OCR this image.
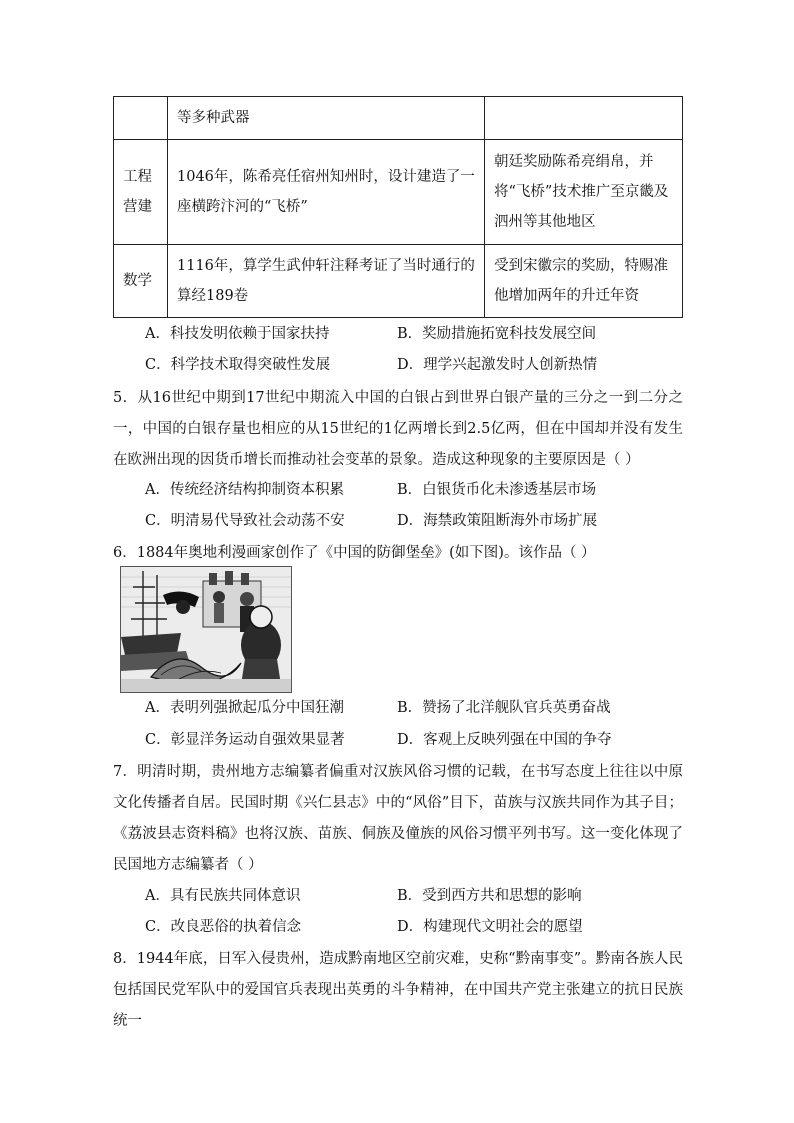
	等多种武器	
工程营建	1046年，陈希亮任宿州知州时，设计建造了一座横跨汴河的“飞桥”	朝廷奖励陈希亮绢帛，并将“飞桥”技术推广至京畿及泗州等其他地区
数学	1116年，算学生武仲轩注释考证了当时通行的算经189卷	受到宋徽宗的奖励，特赐准他增加两年的升迁年资
A．科技发明依赖于国家扶持	B．奖励措施拓宽科技发展空间
C．科学技术取得突破性发展	D．理学兴起激发时人创新热情
5．从16世纪中期到17世纪中期流入中国的白银占到世界白银产量的三分之一到二分之一，中国的白银存量也相应的从15世纪的1亿两增长到2.5亿两，但在中国却并没有发生在欧洲出现的因货币增长而推动社会变革的景象。造成这种现象的主要原因是（ ）
A．传统经济结构抑制资本积累	B．白银货币化未渗透基层市场
C．明清易代导致社会动荡不安	D．海禁政策阻断海外市场扩展
6．1884年奥地利漫画家创作了《中国的防御堡垒》(如下图)。该作品（ ）
A．表明列强掀起瓜分中国狂潮	B．赞扬了北洋舰队官兵英勇奋战
C．彰显洋务运动自强效果显著	D．客观上反映列强在中国的争夺
7．明清时期，贵州地方志编纂者偏重对汉族风俗习惯的记载，在书写态度上往往以中原文化传播者自居。民国时期《兴仁县志》中的“风俗”目下，苗族与汉族共同作为其子目；《荔波县志资料稿》也将汉族、苗族、侗族及僮族的风俗习惯平列书写。这一变化体现了民国地方志编纂者（ ）
A．具有民族共同体意识	B．受到西方共和思想的影响
C．改良恶俗的执着信念	D．构建现代文明社会的愿望
8．1944年底，日军入侵贵州，造成黔南地区空前灾难，史称“黔南事变”。黔南各族人民包括国民党军队中的爱国官兵表现出英勇的斗争精神，在中国共产党主张建立的抗日民族统一
